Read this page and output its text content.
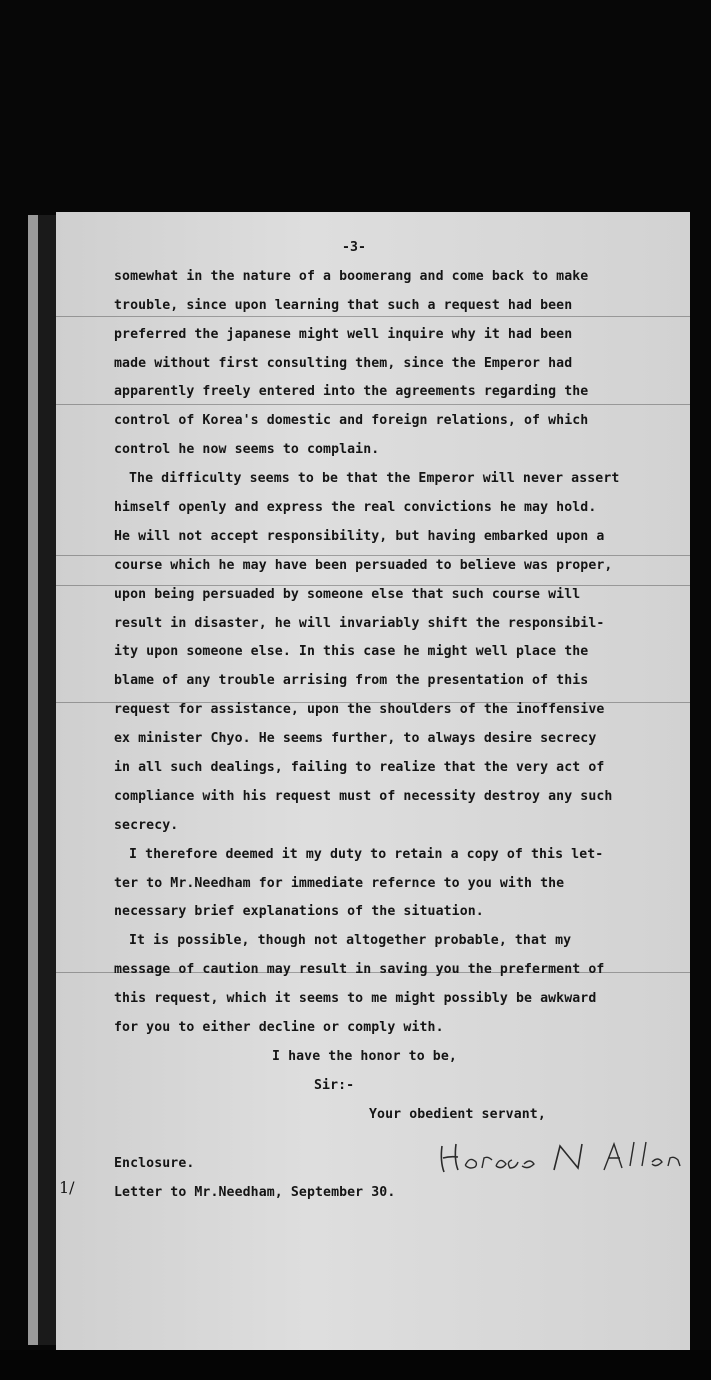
-3-
somewhat in the nature of a boomerang and come back to make
trouble, since upon learning that such a request had been
preferred the japanese might well inquire why it had been
made without first consulting them, since the Emperor had
apparently freely entered into the agreements regarding the
control of Korea's domestic and foreign relations, of which
control he now seems to complain.
The difficulty seems to be that the Emperor will never assert
himself openly and express the real convictions he may hold.
He will not accept responsibility, but having embarked upon a
course which he may have been persuaded to believe was proper,
upon being persuaded by someone else that such course will
result in disaster, he will invariably shift the responsibil-
ity upon someone else. In this case he might well place the
blame of any trouble arrising from the presentation of this
request for assistance, upon the shoulders of the inoffensive
ex minister Chyo. He seems further, to always desire secrecy
in all such dealings, failing to realize that the very act of
compliance with his request must of necessity destroy any such
secrecy.
I therefore deemed it my duty to retain a copy of this let-
ter to Mr.Needham for immediate refernce to you with the
necessary brief explanations of the situation.
It is possible, though not altogether probable, that my
message of caution may result in saving you the preferment of
this request, which it seems to me might possibly be awkward
for you to either decline or comply with.
I have the honor to be,
Sir:-
Your obedient servant,
Enclosure.
Letter to Mr.Needham, September 30.
1/
